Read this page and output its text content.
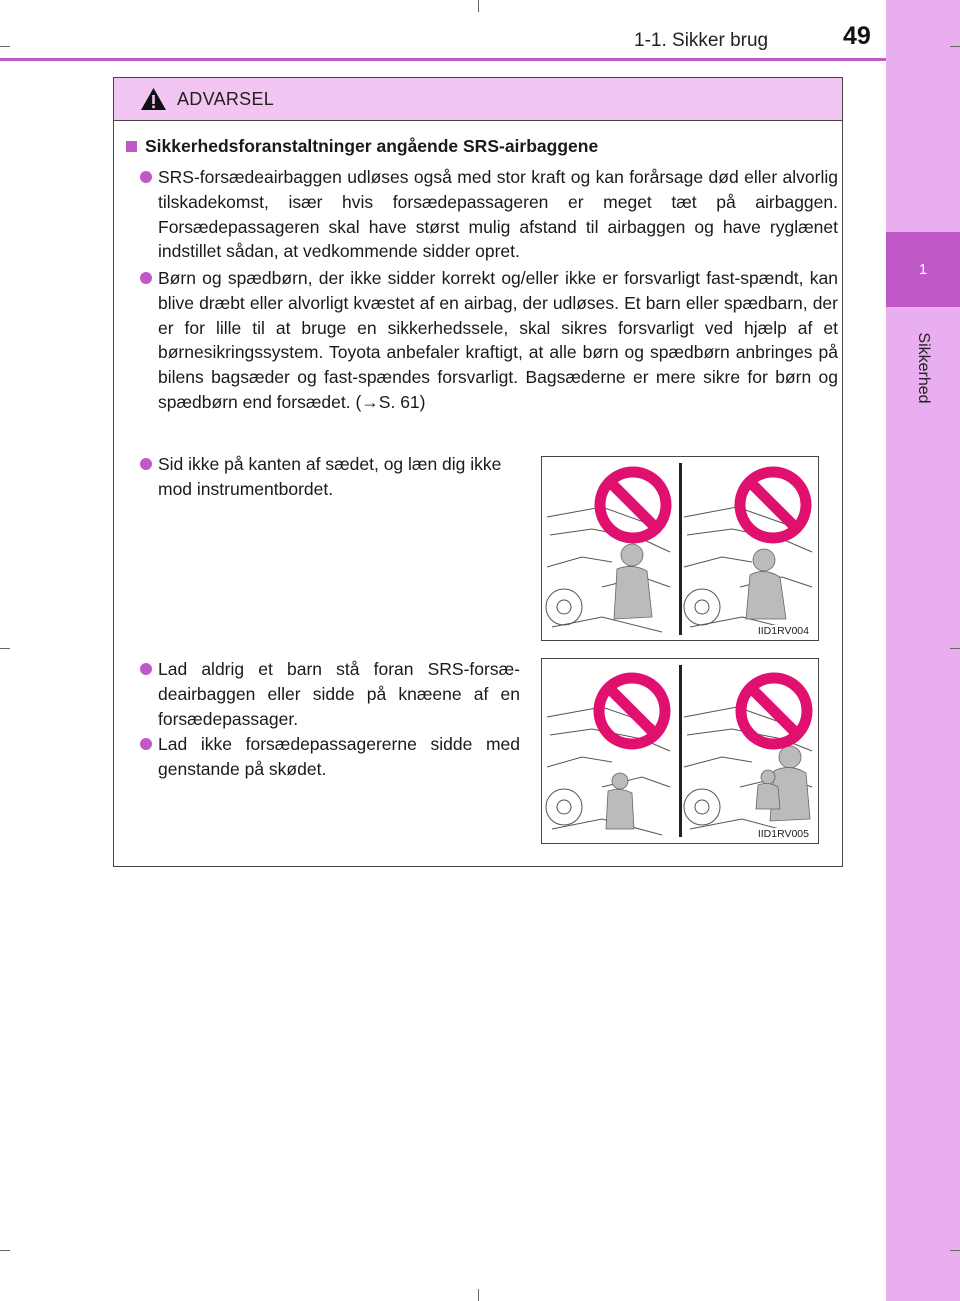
1
Sikkerhed
1-1. Sikker brug	49
ADVARSEL
Sikkerhedsforanstaltninger angående SRS-airbaggene
SRS-forsædeairbaggen udløses også med stor kraft og kan forårsage død eller alvorlig tilskadekomst, især hvis forsædepassageren er meget tæt på airbaggen. Forsædepassageren skal have størst mulig afstand til airbaggen og have ryglænet indstillet sådan, at vedkommende sidder opret.
Børn og spædbørn, der ikke sidder korrekt og/eller ikke er forsvarligt fast-spændt, kan blive dræbt eller alvorligt kvæstet af en airbag, der udløses. Et barn eller spædbarn, der er for lille til at bruge en sikkerhedssele, skal sikres forsvarligt ved hjælp af et børnesikringssystem. Toyota anbefaler kraftigt, at alle børn og spædbørn anbringes på bilens bagsæder og fast-spændes forsvarligt. Bagsæderne er mere sikre for børn og spædbørn end forsædet. (→S. 61)
Sid ikke på kanten af sædet, og læn dig ikke mod instrumentbordet.
Lad aldrig et barn stå foran SRS-forsæ-deairbaggen eller sidde på knæene af en forsædepassager.
Lad ikke forsædepassagererne sidde med genstande på skødet.
IID1RV004
IID1RV005
